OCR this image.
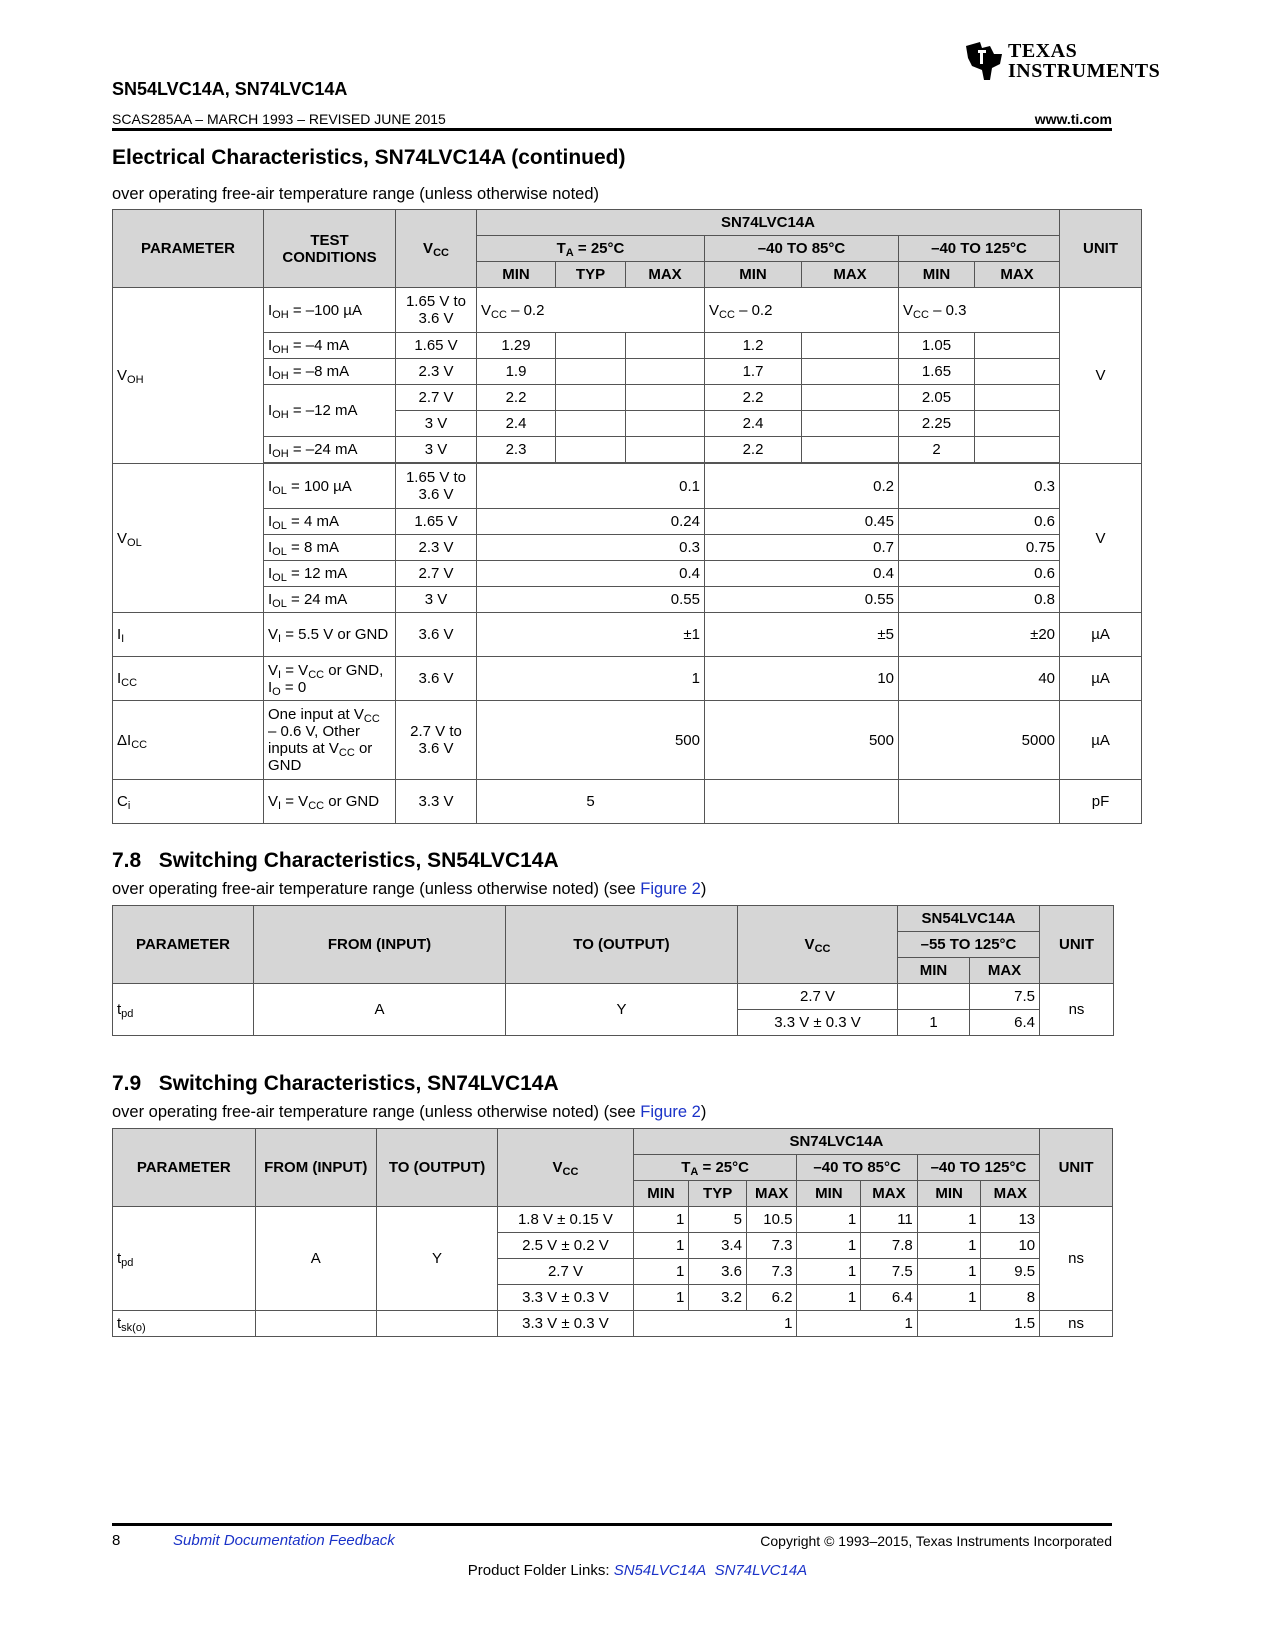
SN54LVC14A, SN74LVC14A
SCAS285AA – MARCH 1993 – REVISED JUNE 2015	www.ti.com
TEXAS
INSTRUMENTS
Electrical Characteristics, SN74LVC14A (continued)
over operating free-air temperature range (unless otherwise noted)
PARAMETER	TEST CONDITIONS	$V_{CC}$	SN74LVC14A							UNIT
			$T_A = 25^\circ C$			–40 TO 85°C		–40 TO 125°C		
			MIN	TYP	MAX	MIN	MAX	MIN	MAX	
$V_{OH}$	$I_{OH} = -100$ µA	1.65 V to 3.6 V	$V_{CC} - 0.2$			$V_{CC} - 0.2$		$V_{CC} - 0.3$		V
	$I_{OH} = -4$ mA	1.65 V	1.29			1.2		1.05		
	$I_{OH} = -8$ mA	2.3 V	1.9			1.7		1.65		
	$I_{OH} = -12$ mA	2.7 V	2.2			2.2		2.05		
		3 V	2.4			2.4		2.25		
	$I_{OH} = -24$ mA	3 V	2.3			2.2		2		

$V_{OL}$	$I_{OL} = 100$ µA	1.65 V to 3.6 V	0.1			0.2		0.3		V
	$I_{OL} = 4$ mA	1.65 V	0.24			0.45		0.6		
	$I_{OL} = 8$ mA	2.3 V	0.3			0.7		0.75		
	$I_{OL} = 12$ mA	2.7 V	0.4			0.4		0.6		
	$I_{OL} = 24$ mA	3 V	0.55			0.55		0.8		
$I_I$	$V_I = 5.5$ V or GND	3.6 V	±1			±5		±20		µA
$I_{CC}$	$V_I = V_{CC}$ or GND, $I_O = 0$	3.6 V	1			10		40		µA
$\Delta I_{CC}$	One input at $V_{CC} - 0.6$ V, Other inputs at $V_{CC}$ or GND	2.7 V to 3.6 V	500			500		5000		µA
$C_i$	$V_I = V_{CC}$ or GND	3.3 V	5							pF
7.8 Switching Characteristics, SN54LVC14A
over operating free-air temperature range (unless otherwise noted) (see Figure 2)
PARAMETER	FROM (INPUT)	TO (OUTPUT)	$V_{CC}$	SN54LVC14A		UNIT
				–55 TO 125°C		
				MIN	MAX	
$t_{pd}$	A	Y	2.7 V		7.5	ns
			3.3 V ± 0.3 V	1	6.4	
7.9 Switching Characteristics, SN74LVC14A
over operating free-air temperature range (unless otherwise noted) (see Figure 2)
PARAMETER	FROM (INPUT)	TO (OUTPUT)	$V_{CC}$	SN74LVC14A							UNIT
				$T_A = 25^\circ C$			–40 TO 85°C		–40 TO 125°C		
				MIN	TYP	MAX	MIN	MAX	MIN	MAX	
$t_{pd}$	A	Y	1.8 V ± 0.15 V	1	5	10.5	1	11	1	13	ns
			2.5 V ± 0.2 V	1	3.4	7.3	1	7.8	1	10	
			2.7 V	1	3.6	7.3	1	7.5	1	9.5	
			3.3 V ± 0.3 V	1	3.2	6.2	1	6.4	1	8	
$t_{sk(o)}$			3.3 V ± 0.3 V	1			1		1.5		ns
8	Submit Documentation Feedback	Copyright © 1993–2015, Texas Instruments Incorporated
Product Folder Links: SN54LVC14A SN74LVC14A
